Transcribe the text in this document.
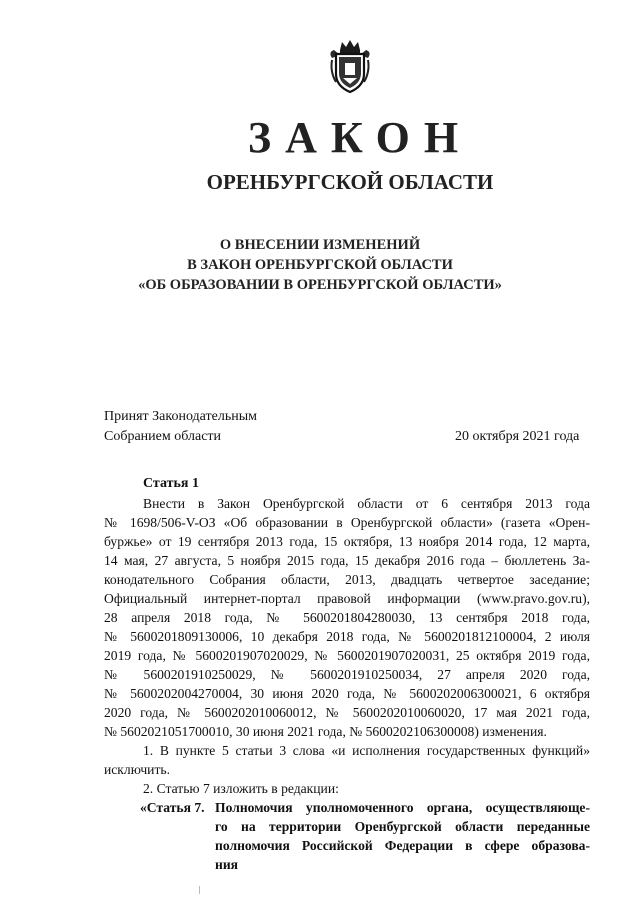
ЗАКОН
ОРЕНБУРГСКОЙ ОБЛАСТИ
О ВНЕСЕНИИ ИЗМЕНЕНИЙ
В ЗАКОН ОРЕНБУРГСКОЙ ОБЛАСТИ
«ОБ ОБРАЗОВАНИИ В ОРЕНБУРГСКОЙ ОБЛАСТИ»
Принят Законодательным
Собранием области	20 октября 2021 года
Статья 1
Внести в Закон Оренбургской области от 6 сентября 2013 года
№ 1698/506-V-ОЗ «Об образовании в Оренбургской области» (газета «Орен-
буржье» от 19 сентября 2013 года, 15 октября, 13 ноября 2014 года, 12 марта,
14 мая, 27 августа, 5 ноября 2015 года, 15 декабря 2016 года – бюллетень За-
конодательного Собрания области, 2013, двадцать четвертое заседание;
Официальный интернет-портал правовой информации (www.pravo.gov.ru),
28 апреля 2018 года, № 5600201804280030, 13 сентября 2018 года,
№ 5600201809130006, 10 декабря 2018 года, № 5600201812100004, 2 июля
2019 года, № 5600201907020029, № 5600201907020031, 25 октября 2019 года,
№ 5600201910250029, № 5600201910250034, 27 апреля 2020 года,
№ 5600202004270004, 30 июня 2020 года, № 5600202006300021, 6 октября
2020 года, № 5600202010060012, № 5600202010060020, 17 мая 2021 года,
№ 5602021051700010, 30 июня 2021 года, № 5600202106300008) изменения.
1. В пункте 5 статьи 3 слова «и исполнения государственных функций»
исключить.
2. Статью 7 изложить в редакции:
«Статья 7. Полномочия уполномоченного органа, осуществляюще-
го на территории Оренбургской области переданные
полномочия Российской Федерации в сфере образова-
ния
